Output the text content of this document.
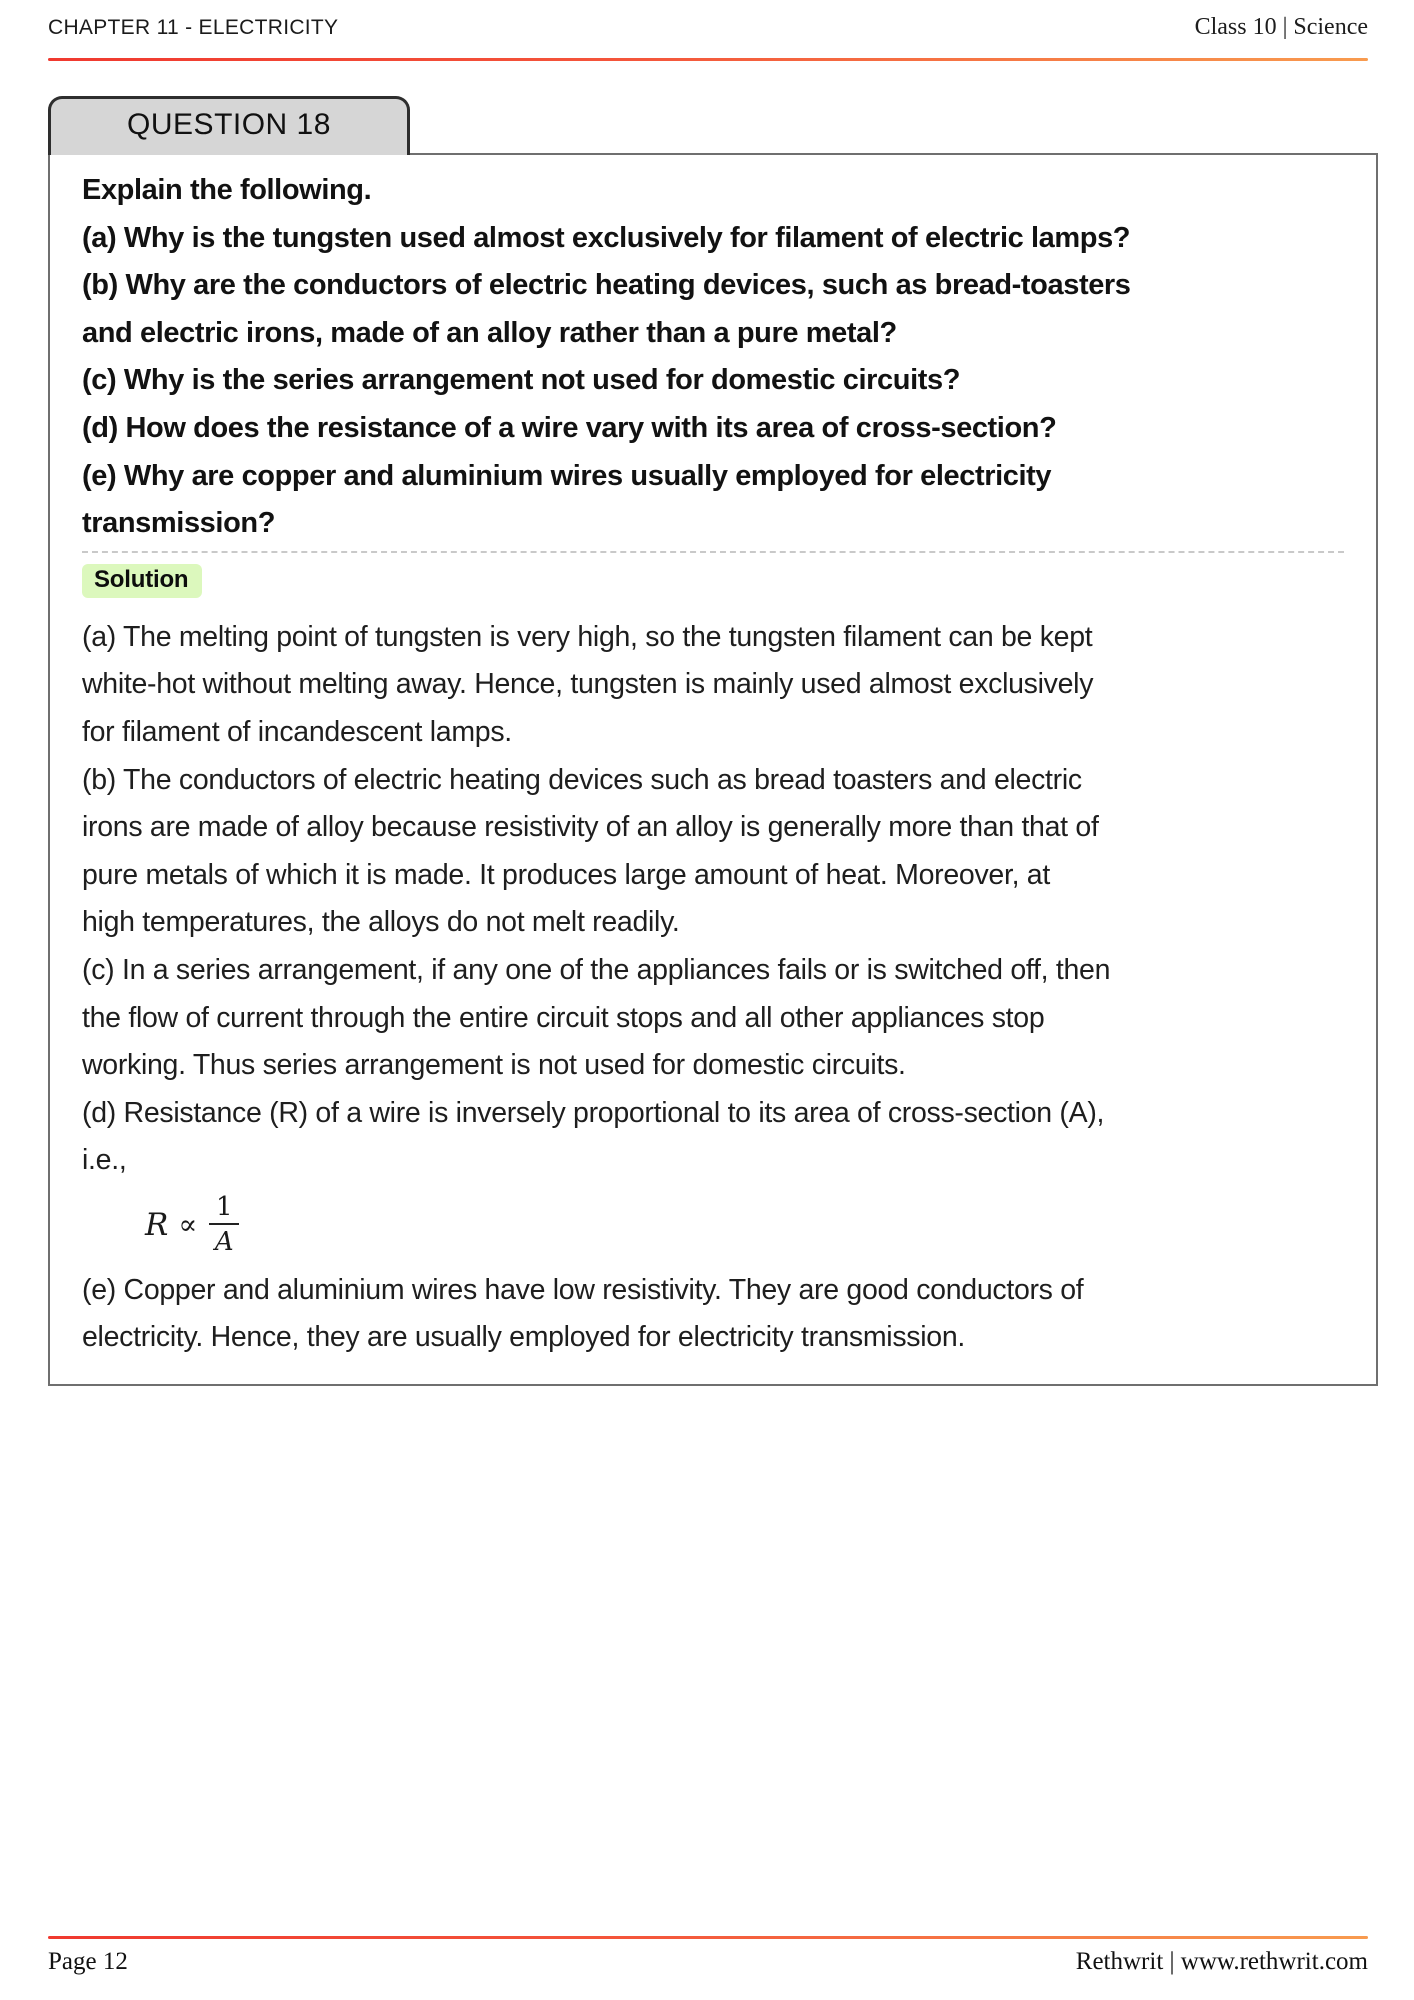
CHAPTER 11 - ELECTRICITY	Class 10 | Science
QUESTION 18
Explain the following.
(a) Why is the tungsten used almost exclusively for filament of electric lamps?
(b) Why are the conductors of electric heating devices, such as bread-toasters
and electric irons, made of an alloy rather than a pure metal?
(c) Why is the series arrangement not used for domestic circuits?
(d) How does the resistance of a wire vary with its area of cross-section?
(e) Why are copper and aluminium wires usually employed for electricity
transmission?
Solution
(a) The melting point of tungsten is very high, so the tungsten filament can be kept
white-hot without melting away. Hence, tungsten is mainly used almost exclusively
for filament of incandescent lamps.
(b) The conductors of electric heating devices such as bread toasters and electric
irons are made of alloy because resistivity of an alloy is generally more than that of
pure metals of which it is made. It produces large amount of heat. Moreover, at
high temperatures, the alloys do not melt readily.
(c) In a series arrangement, if any one of the appliances fails or is switched off, then
the flow of current through the entire circuit stops and all other appliances stop
working. Thus series arrangement is not used for domestic circuits.
(d) Resistance (R) of a wire is inversely proportional to its area of cross-section (A),
i.e.,
$R \propto \frac{1}{A}$
(e) Copper and aluminium wires have low resistivity. They are good conductors of
electricity. Hence, they are usually employed for electricity transmission.
Page 12	Rethwrit | www.rethwrit.com
